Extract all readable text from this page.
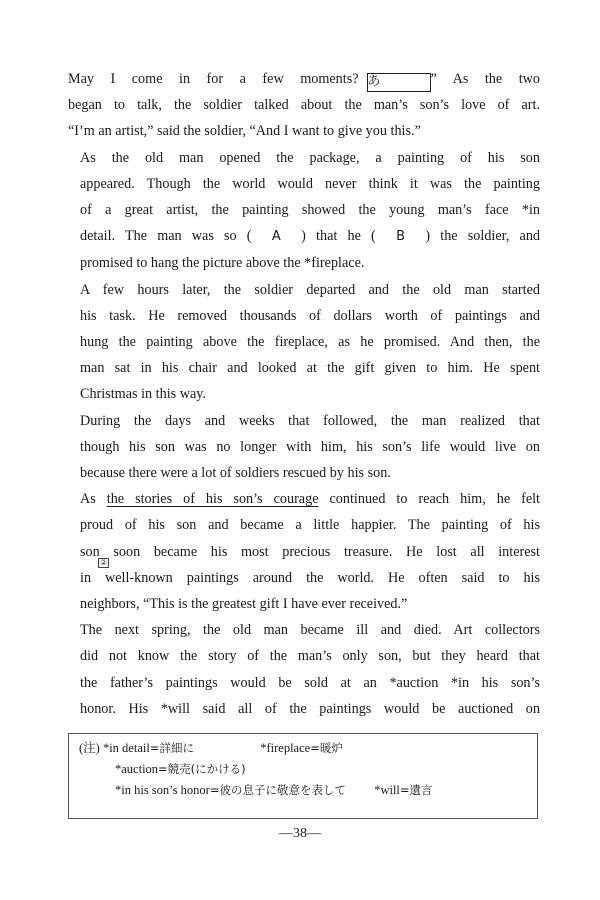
May I come in for a few moments? あ	” As the two
began to talk, the soldier talked about the man’s son’s love of art.
“I’m an artist,” said the soldier, “And I want to give you this.”
As the old man opened the package, a painting of his son
appeared. Though the world would never think it was the painting
of a great artist, the painting showed the young man’s face *in
detail. The man was so ( A ) that he ( B ) the soldier, and
promised to hang the picture above the *fireplace.
A few hours later, the soldier departed and the old man started
his task. He removed thousands of dollars worth of paintings and
hung the painting above the fireplace, as he promised. And then, the
man sat in his chair and looked at the gift given to him. He spent
Christmas in this way.
During the days and weeks that followed, the man realized that
though his son was no longer with him, his son’s life would live on
because there were a lot of soldiers rescued by his son.
As the stories of his son’s courage continued to reach him, he felt
proud of his son and became a little happier. The painting of his
son soon became his most precious treasure. He lost all interest
in well-known paintings around the world. He often said to his
neighbors, “This is the greatest gift I have ever received.”
The next spring, the old man became ill and died. Art collectors
did not know the story of the man’s only son, but they heard that
the father’s paintings would be sold at an *auction *in his son’s
honor. His *will said all of the paintings would be auctioned on
②
(注) *in detail=詳細に	*fireplace=暖炉
*auction=競売(にかける)
*in his son’s honor=彼の息子に敬意を表して *will=遺言
—38—
